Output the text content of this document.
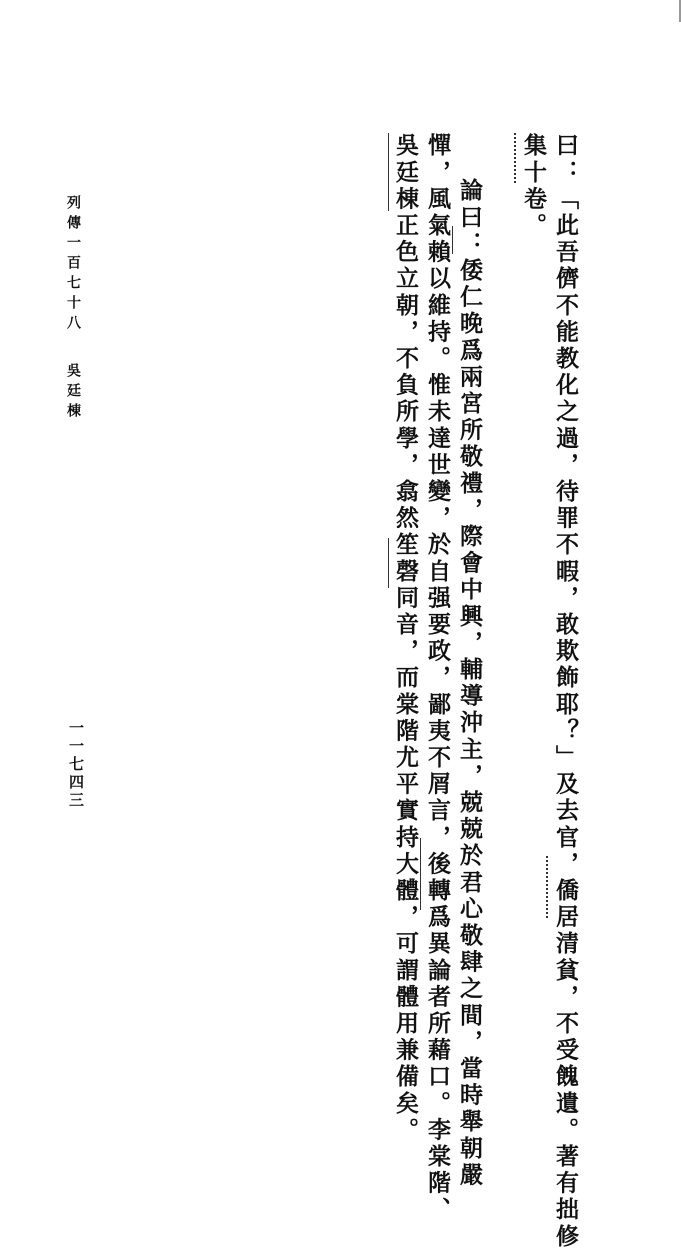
曰：「此吾儕不能教化之過，待罪不暇，敢欺飾耶？」及去官，僑居清貧，不受餽遺。著有拙修
集十卷。
論曰：倭仁晚爲兩宮所敬禮，際會中興，輔導沖主，兢兢於君心敬肆之間，當時舉朝嚴
憚，風氣賴以維持。惟未達世變，於自强要政，鄙夷不屑言，後轉爲異論者所藉口。李棠階、
吳廷棟正色立朝，不負所學，翕然笙磬同音，而棠階尤平實持大體，可謂體用兼備矣。
列傳一百七十八吳廷棟
一一七四三
